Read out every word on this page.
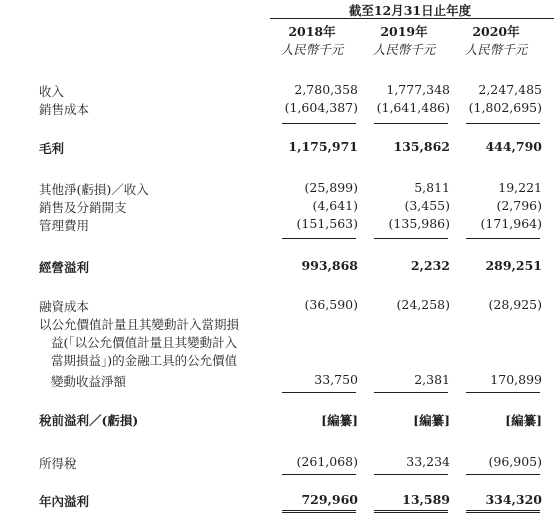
截至12月31日止年度
2018年	2019年	2020年
人民幣千元	人民幣千元	人民幣千元
收入	2,780,358	1,777,348	2,247,485
銷售成本	(1,604,387)	(1,641,486)	(1,802,695)
毛利	1,175,971	135,862	444,790
其他淨(虧損)／收入	(25,899)	5,811	19,221
銷售及分銷開支	(4,641)	(3,455)	(2,796)
管理費用	(151,563)	(135,986)	(171,964)
經營溢利	993,868	2,232	289,251
融資成本	(36,590)	(24,258)	(28,925)
以公允價值計量且其變動計入當期損
益(「以公允價值計量且其變動計入
當期損益」)的金融工具的公允價值
變動收益淨額	33,750	2,381	170,899
稅前溢利／(虧損)	[編纂]	[編纂]	[編纂]
所得稅	(261,068)	33,234	(96,905)
年內溢利	729,960	13,589	334,320
